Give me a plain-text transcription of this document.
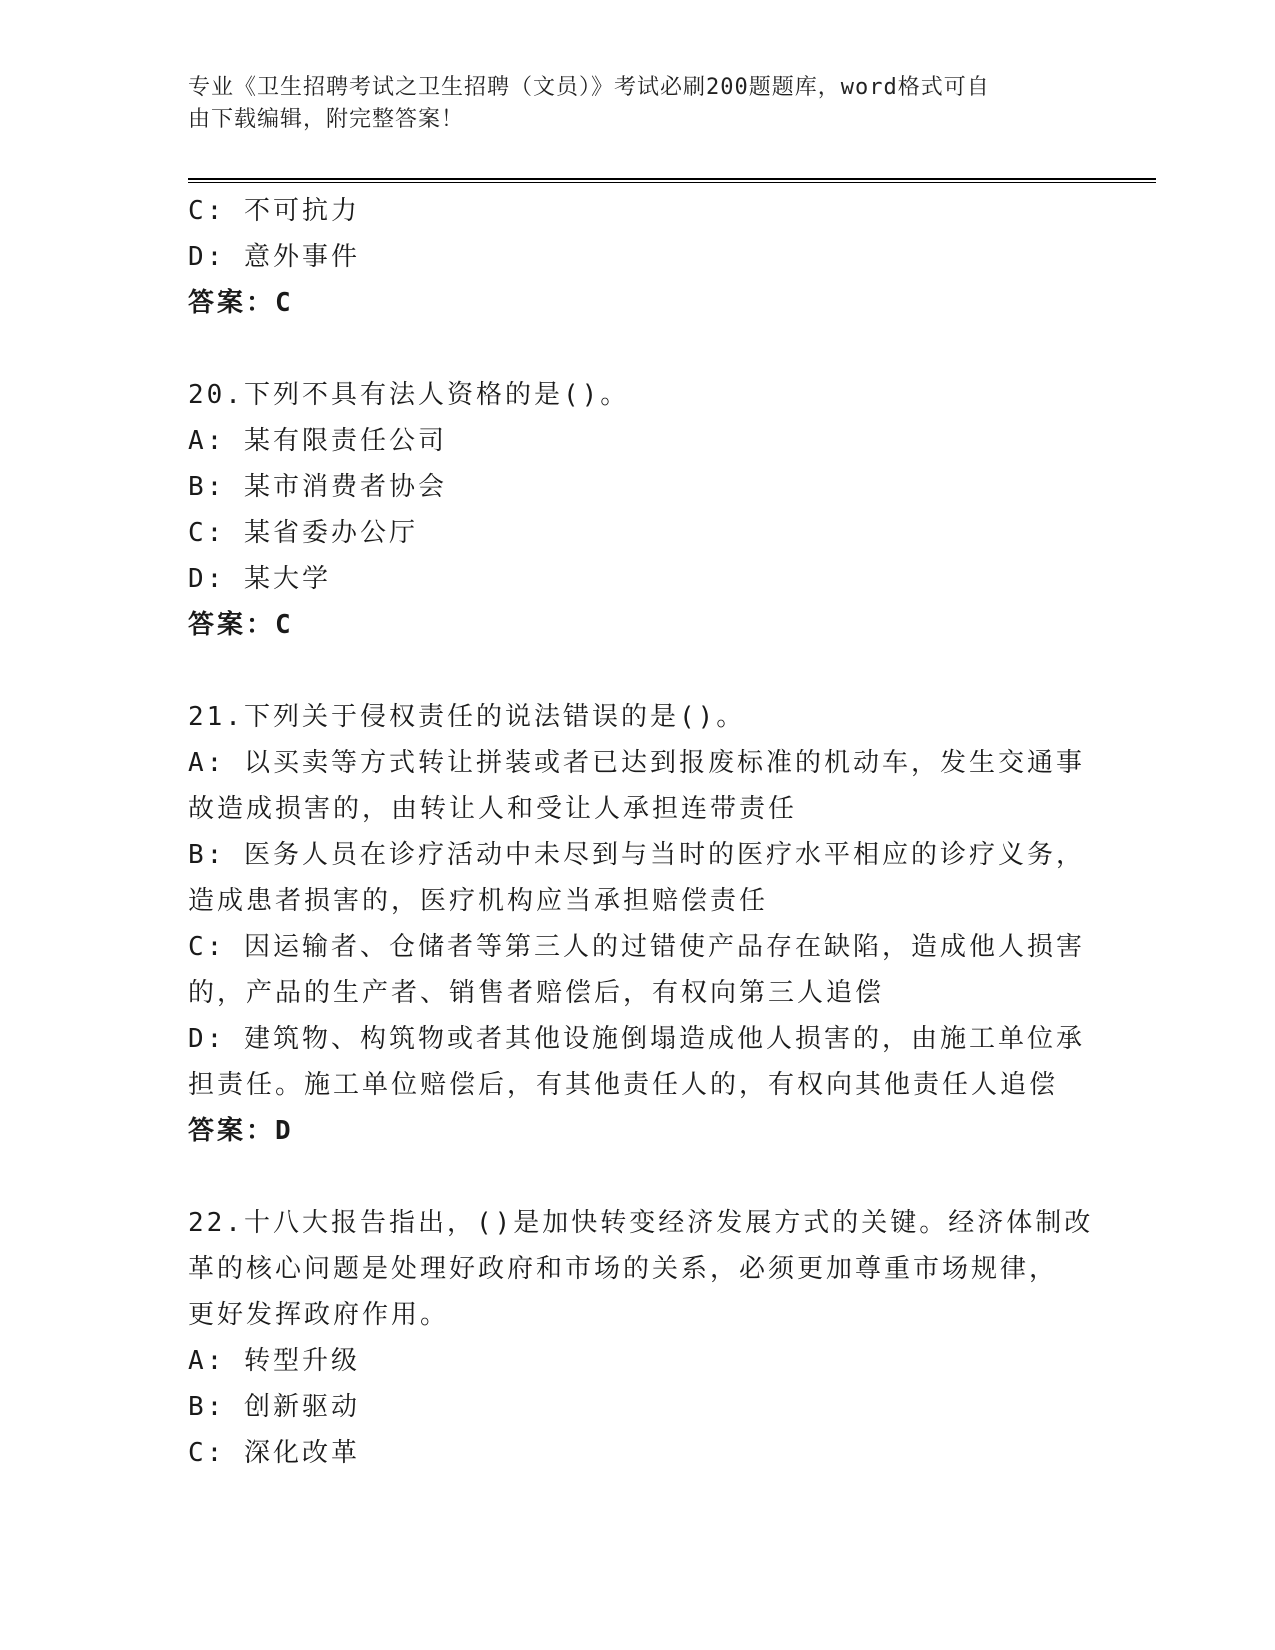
专业《卫生招聘考试之卫生招聘（文员）》考试必刷200题题库，word格式可自
由下载编辑，附完整答案！
C: 不可抗力
D: 意外事件
答案：C
20.下列不具有法人资格的是()。
A: 某有限责任公司
B: 某市消费者协会
C: 某省委办公厅
D: 某大学
答案：C
21.下列关于侵权责任的说法错误的是()。
A: 以买卖等方式转让拼装或者已达到报废标准的机动车，发生交通事
故造成损害的，由转让人和受让人承担连带责任
B: 医务人员在诊疗活动中未尽到与当时的医疗水平相应的诊疗义务，
造成患者损害的，医疗机构应当承担赔偿责任
C: 因运输者、仓储者等第三人的过错使产品存在缺陷，造成他人损害
的，产品的生产者、销售者赔偿后，有权向第三人追偿
D: 建筑物、构筑物或者其他设施倒塌造成他人损害的，由施工单位承
担责任。施工单位赔偿后，有其他责任人的，有权向其他责任人追偿
答案：D
22.十八大报告指出，()是加快转变经济发展方式的关键。经济体制改
革的核心问题是处理好政府和市场的关系，必须更加尊重市场规律，
更好发挥政府作用。
A: 转型升级
B: 创新驱动
C: 深化改革
